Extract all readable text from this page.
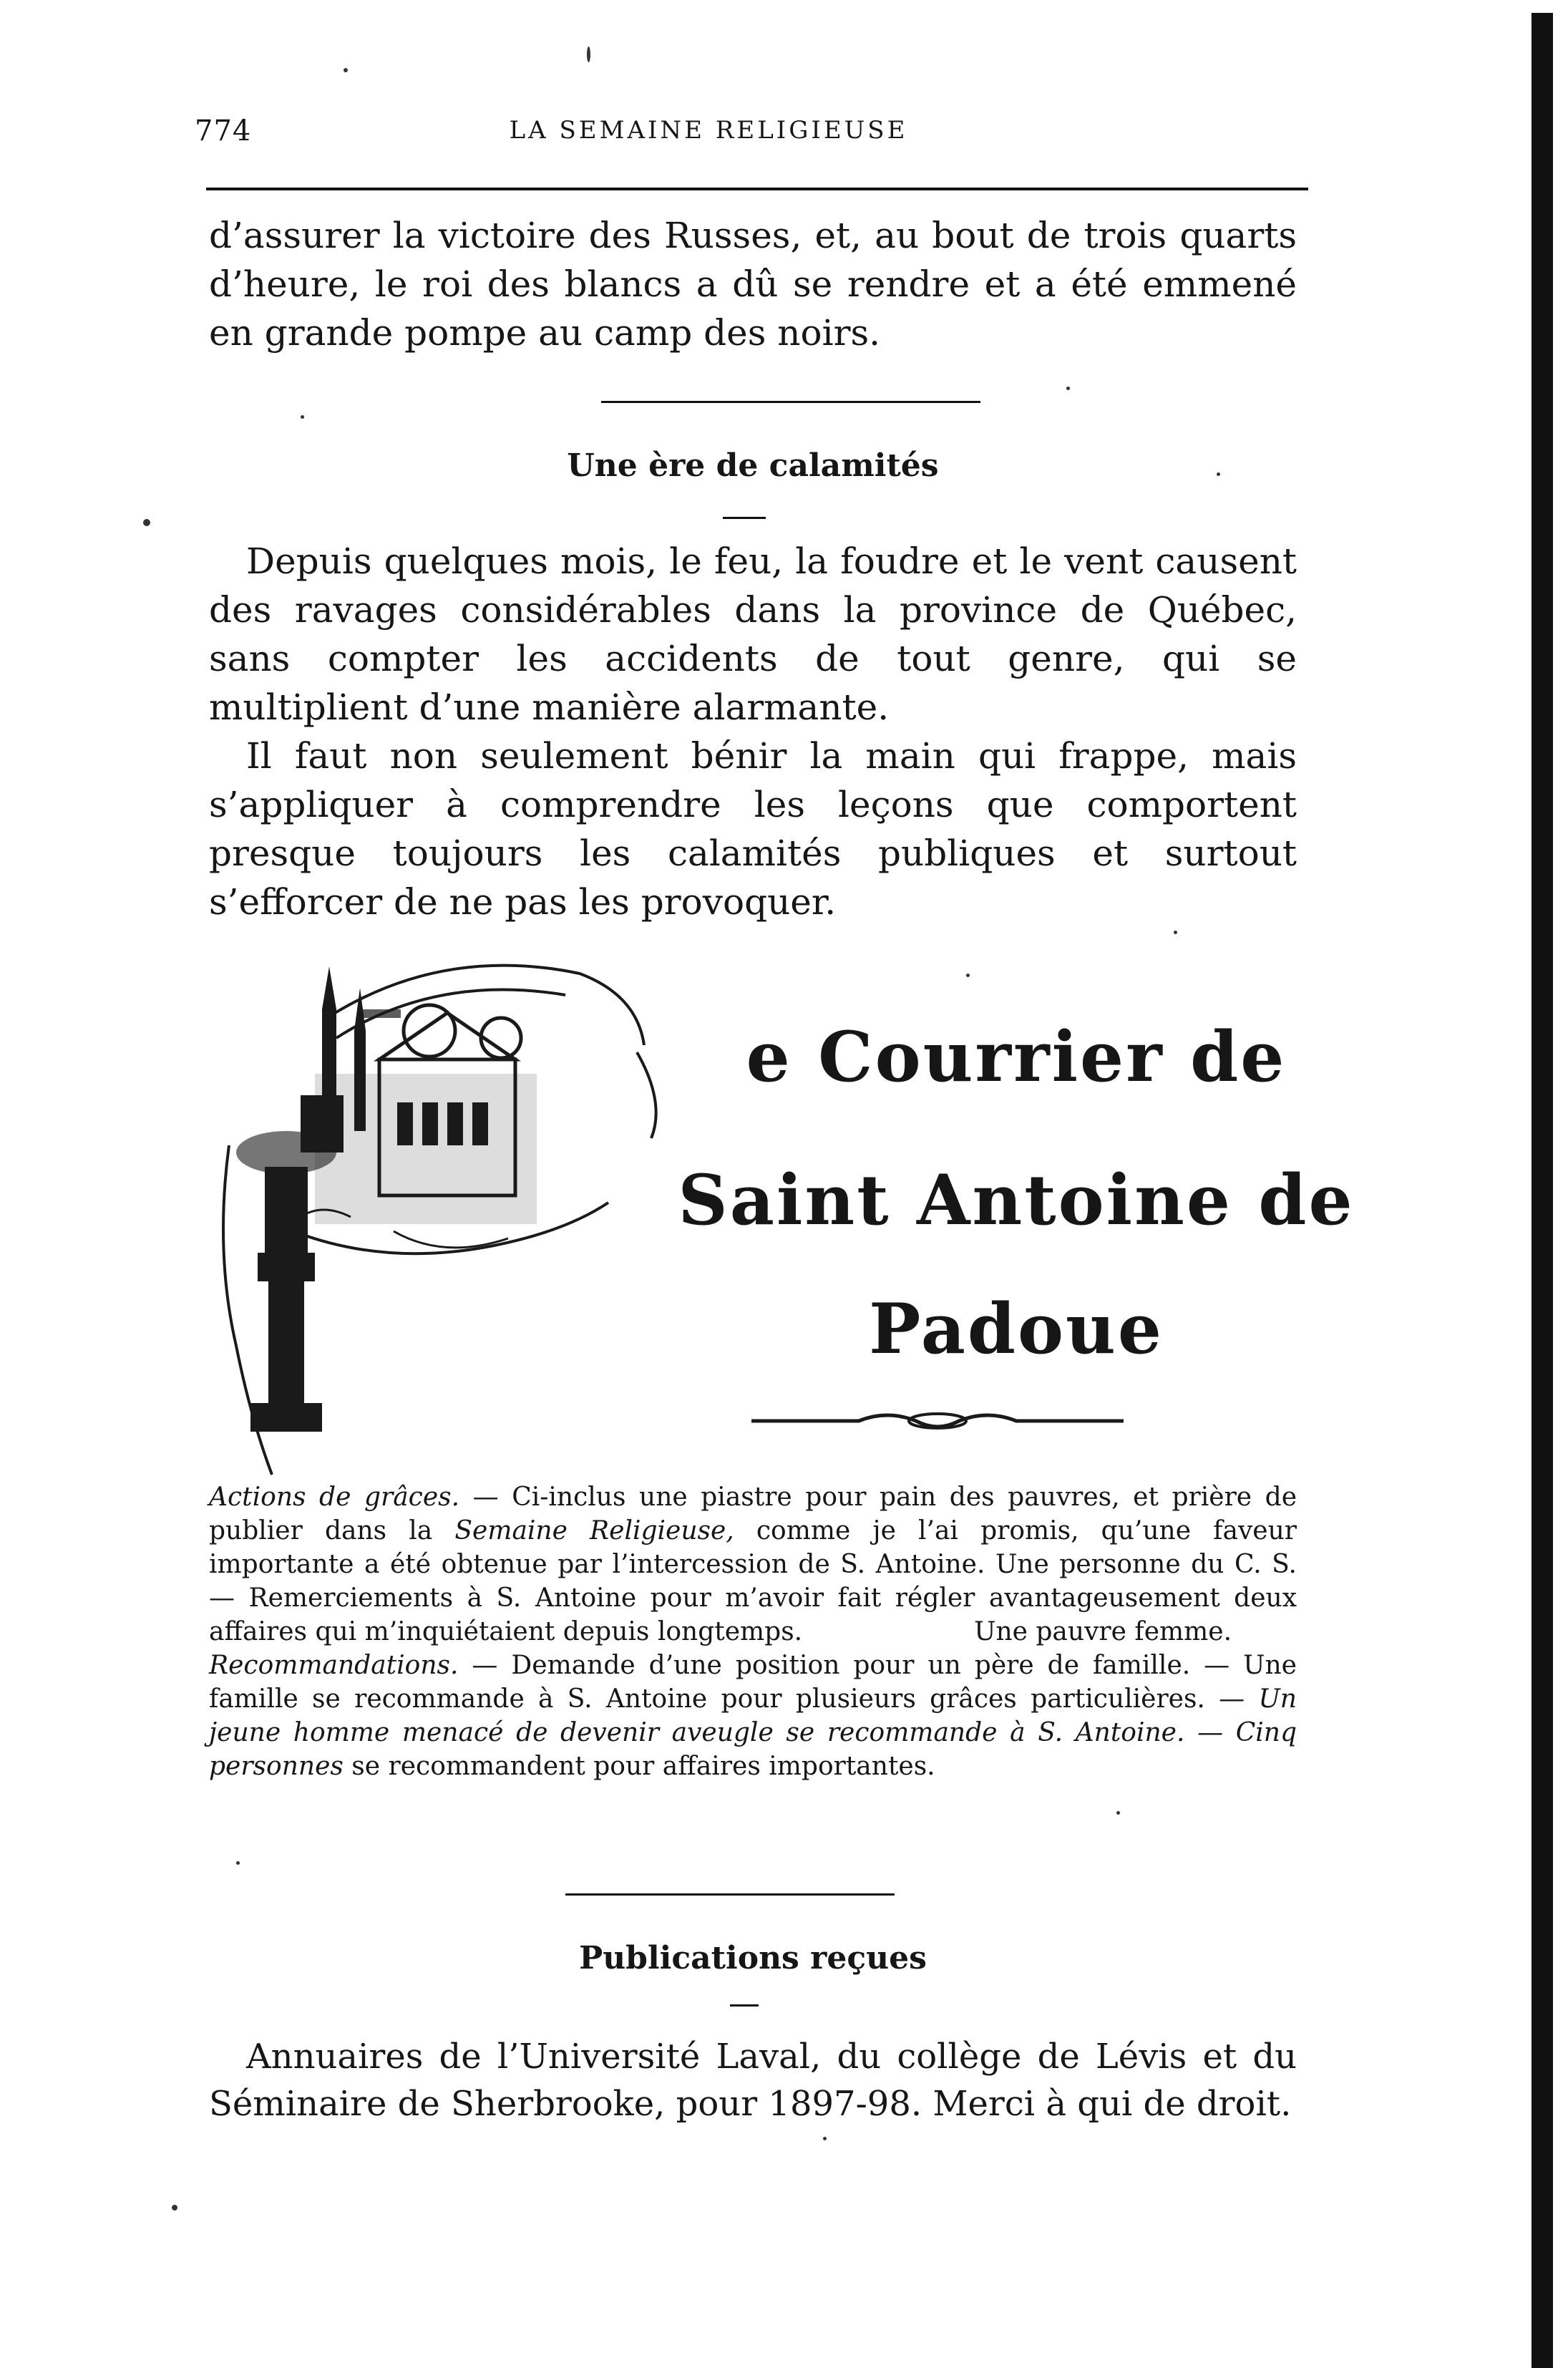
774	LA SEMAINE RELIGIEUSE

d’assurer la victoire des Russes, et, au bout de trois quarts d’heure, le roi des blancs a dû se rendre et a été emmené en grande pompe au camp des noirs.

Une ère de calamités

Depuis quelques mois, le feu, la foudre et le vent causent des ravages considérables dans la province de Québec, sans compter les accidents de tout genre, qui se multiplient d’une manière alarmante.

Il faut non seulement bénir la main qui frappe, mais s’appliquer à comprendre les leçons que comportent presque toujours les calamités publiques et surtout s’efforcer de ne pas les provoquer.

e Courrier de
Saint Antoine de
Padoue

Actions de grâces. — Ci-inclus une piastre pour pain des pauvres, et prière de publier dans la Semaine Religieuse, comme je l’ai promis, qu’une faveur importante a été obtenue par l’intercession de S. Antoine. Une personne du C. S. — Remerciements à S. Antoine pour m’avoir fait régler avantageusement deux affaires qui m’inquiétaient depuis longtemps.	Une pauvre femme.

Recommandations. — Demande d’une position pour un père de famille. — Une famille se recommande à S. Antoine pour plusieurs grâces particulières. — Un jeune homme menacé de devenir aveugle se recommande à S. Antoine. — Cinq personnes se recommandent pour affaires importantes.

Publications reçues

Annuaires de l’Université Laval, du collège de Lévis et du Séminaire de Sherbrooke, pour 1897-98. Merci à qui de droit.
